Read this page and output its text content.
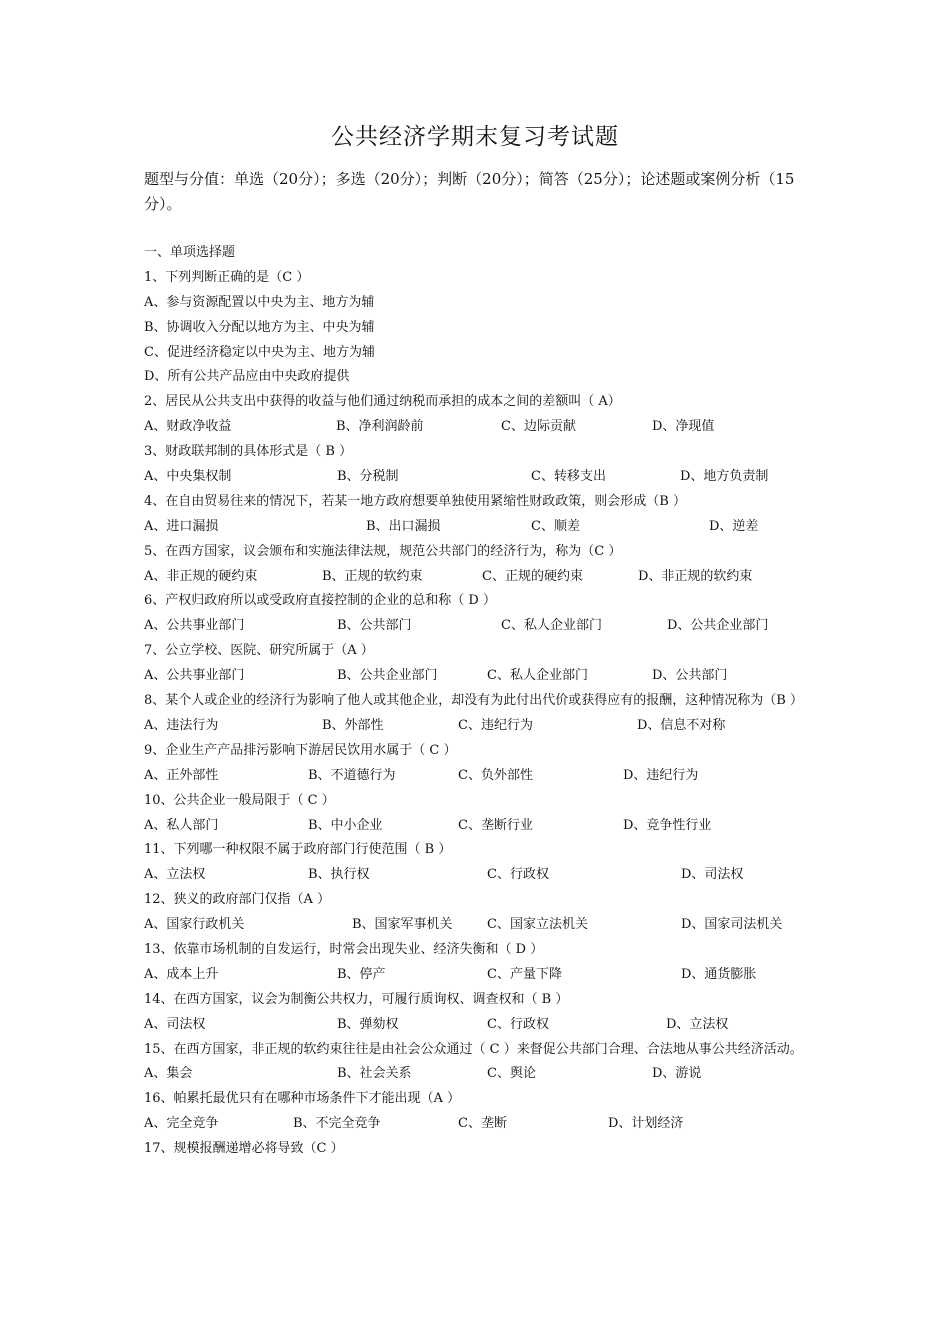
公共经济学期末复习考试题
题型与分值：单选（20分）；多选（20分）；判断（20分）；简答（25分）；论述题或案例分析（15分）。
一、单项选择题
1、下列判断正确的是（C ）
A、参与资源配置以中央为主、地方为辅
B、协调收入分配以地方为主、中央为辅
C、促进经济稳定以中央为主、地方为辅
D、所有公共产品应由中央政府提供
2、居民从公共支出中获得的收益与他们通过纳税而承担的成本之间的差额叫（ A）
A、财政净收益	B、净利润龄前	C、边际贡献	D、净现值
3、财政联邦制的具体形式是（ B ）
A、中央集权制	B、分税制	C、转移支出	D、地方负责制
4、在自由贸易往来的情况下，若某一地方政府想要单独使用紧缩性财政政策，则会形成（B ）
A、进口漏损	B、出口漏损	C、顺差	D、逆差
5、在西方国家，议会颁布和实施法律法规，规范公共部门的经济行为，称为（C ）
A、非正规的硬约束	B、正规的软约束	C、正规的硬约束	D、非正规的软约束
6、产权归政府所以或受政府直接控制的企业的总和称（ D ）
A、公共事业部门	B、公共部门	C、私人企业部门	D、公共企业部门
7、公立学校、医院、研究所属于（A ）
A、公共事业部门	B、公共企业部门	C、私人企业部门	D、公共部门
8、某个人或企业的经济行为影响了他人或其他企业，却没有为此付出代价或获得应有的报酬，这种情况称为（B ）
A、违法行为	B、外部性	C、违纪行为	D、信息不对称
9、企业生产产品排污影响下游居民饮用水属于（ C ）
A、正外部性	B、不道德行为	C、负外部性	D、违纪行为
10、公共企业一般局限于（ C ）
A、私人部门	B、中小企业	C、垄断行业	D、竞争性行业
11、下列哪一种权限不属于政府部门行使范围（ B ）
A、立法权	B、执行权	C、行政权	D、司法权
12、狭义的政府部门仅指（A ）
A、国家行政机关	B、国家军事机关	C、国家立法机关	D、国家司法机关
13、依靠市场机制的自发运行，时常会出现失业、经济失衡和（ D ）
A、成本上升	B、停产	C、产量下降	D、通货膨胀
14、在西方国家，议会为制衡公共权力，可履行质询权、调查权和（ B ）
A、司法权	B、弹劾权	C、行政权	D、立法权
15、在西方国家，非正规的软约束往往是由社会公众通过（ C ）来督促公共部门合理、合法地从事公共经济活动。
A、集会	B、社会关系	C、舆论	D、游说
16、帕累托最优只有在哪种市场条件下才能出现（A ）
A、完全竞争	B、不完全竞争	C、垄断	D、计划经济
17、规模报酬递增必将导致（C ）
